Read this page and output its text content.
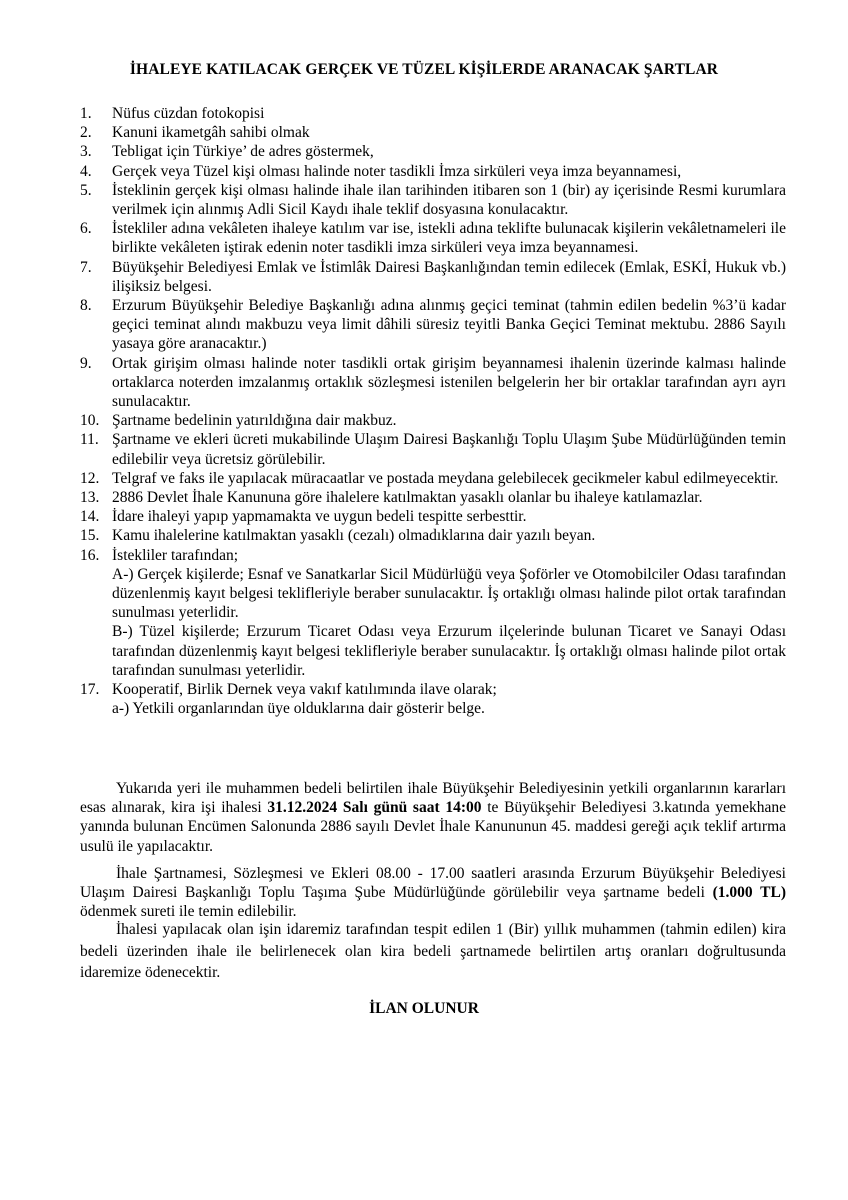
İHALEYE KATILACAK GERÇEK VE TÜZEL KİŞİLERDE ARANACAK ŞARTLAR
1. Nüfus cüzdan fotokopisi
2. Kanuni ikametgâh sahibi olmak
3. Tebligat için Türkiye’ de adres göstermek,
4. Gerçek veya Tüzel kişi olması halinde noter tasdikli İmza sirküleri veya imza beyannamesi,
5. İsteklinin gerçek kişi olması halinde ihale ilan tarihinden itibaren son 1 (bir) ay içerisinde Resmi kurumlara verilmek için alınmış Adli Sicil Kaydı ihale teklif dosyasına konulacaktır.
6. İstekliler adına vekâleten ihaleye katılım var ise, istekli adına teklifte bulunacak kişilerin vekâletnameleri ile birlikte vekâleten iştirak edenin noter tasdikli imza sirküleri veya imza beyannamesi.
7. Büyükşehir Belediyesi Emlak ve İstimlâk Dairesi Başkanlığından temin edilecek (Emlak, ESKİ, Hukuk vb.) ilişiksiz belgesi.
8. Erzurum Büyükşehir Belediye Başkanlığı adına alınmış geçici teminat (tahmin edilen bedelin %3’ü kadar geçici teminat alındı makbuzu veya limit dâhili süresiz teyitli Banka Geçici Teminat mektubu. 2886 Sayılı yasaya göre aranacaktır.)
9. Ortak girişim olması halinde noter tasdikli ortak girişim beyannamesi ihalenin üzerinde kalması halinde ortaklarca noterden imzalanmış ortaklık sözleşmesi istenilen belgelerin her bir ortaklar tarafından ayrı ayrı sunulacaktır.
10. Şartname bedelinin yatırıldığına dair makbuz.
11. Şartname ve ekleri ücreti mukabilinde Ulaşım Dairesi Başkanlığı Toplu Ulaşım Şube Müdürlüğünden temin edilebilir veya ücretsiz görülebilir.
12. Telgraf ve faks ile yapılacak müracaatlar ve postada meydana gelebilecek gecikmeler kabul edilmeyecektir.
13. 2886 Devlet İhale Kanununa göre ihalelere katılmaktan yasaklı olanlar bu ihaleye katılamazlar.
14. İdare ihaleyi yapıp yapmamakta ve uygun bedeli tespitte serbesttir.
15. Kamu ihalelerine katılmaktan yasaklı (cezalı) olmadıklarına dair yazılı beyan.
16. İstekliler tarafından;
A-) Gerçek kişilerde; Esnaf ve Sanatkarlar Sicil Müdürlüğü veya Şoförler ve Otomobilciler Odası tarafından düzenlenmiş kayıt belgesi teklifleriyle beraber sunulacaktır. İş ortaklığı olması halinde pilot ortak tarafından sunulması yeterlidir.
B-) Tüzel kişilerde; Erzurum Ticaret Odası veya Erzurum ilçelerinde bulunan Ticaret ve Sanayi Odası tarafından düzenlenmiş kayıt belgesi teklifleriyle beraber sunulacaktır. İş ortaklığı olması halinde pilot ortak tarafından sunulması yeterlidir.
17. Kooperatif, Birlik Dernek veya vakıf katılımında ilave olarak;
a-) Yetkili organlarından üye olduklarına dair gösterir belge.
Yukarıda yeri ile muhammen bedeli belirtilen ihale Büyükşehir Belediyesinin yetkili organlarının kararları esas alınarak, kira işi ihalesi 31.12.2024 Salı günü saat 14:00 te Büyükşehir Belediyesi 3.katında yemekhane yanında bulunan Encümen Salonunda 2886 sayılı Devlet İhale Kanununun 45. maddesi gereği açık teklif artırma usulü ile yapılacaktır.
İhale Şartnamesi, Sözleşmesi ve Ekleri 08.00 - 17.00 saatleri arasında Erzurum Büyükşehir Belediyesi Ulaşım Dairesi Başkanlığı Toplu Taşıma Şube Müdürlüğünde görülebilir veya şartname bedeli (1.000 TL) ödenmek sureti ile temin edilebilir.
İhalesi yapılacak olan işin idaremiz tarafından tespit edilen 1 (Bir) yıllık muhammen (tahmin edilen) kira bedeli üzerinden ihale ile belirlenecek olan kira bedeli şartnamede belirtilen artış oranları doğrultusunda idaremize ödenecektir.
İLAN OLUNUR
